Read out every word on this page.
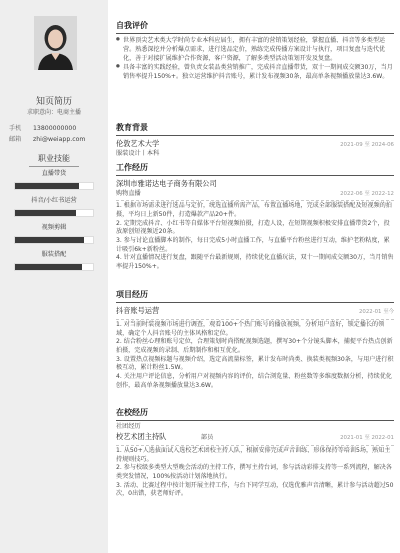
知页简历
求职意向：电商主播
手机 13800000000
邮箱 zhi@weiapp.com
职业技能
直播带货
抖音/小红书运营
视频剪辑
服装搭配
自我评价
● 世界顶尖艺术类大学时尚专业本科应届生，拥有丰富的营销策划经验，掌握直播、抖音等多类型运营。熟悉深挖并分析爆点需求，进行选品定价，熟练完成传播方案设计与执行，项目复盘与迭代优化，善于对接扩展维护合作资源，客户资源，了解多类型活动策划开发及复盘。
● 具备丰富的实践经验，曾负责女装品类营销推广，完成抖音直播带货，双十一期间成交额30万，当月销售率提升150%+。独立运营维护抖音账号，累计发布视频30条，最高单条视频播放量达3.6W。
教育背景
伦敦艺术大学	2021-09 至 2024-06
服装设计丨本科
工作经历
深圳市雅诺达电子商务有限公司
购物直播	2022-06 至 2022-12
1. 根据市场需求进行选品与定价，统选直播所需产品，布置直播场地，完成全部服装搭配及短视频的拍摄，平均日上新50件，打造爆款产品20+件。
2. 定期完成抖音、小红书等自媒体平台短视频拍摄，打造人设，在短期视频积极安排直播带货2个，投放原创短视频近20条。
3. 参与讨论直播脚本的制作，每日完成5小时直播工作，与直播平台粉丝进行互动，维护老粉粘度，累计吸引6k+新粉丝。
4. 针对直播情况进行复盘，跟随平台最新规则，持续优化直播玩法，双十一期间成交额30万，当月销售率提升150%+。
项目经历
抖音账号运营	2022-01 至今
1. 对当前时装视频市场进行调查，观看100+个热门账号的播放视频，分析用户喜好，锁定播长的领域，确定个人抖音账号的主体风格和定位。
2. 结合粉丝心理和账号定位，合理策划时尚搭配视频选题，撰写30+个分镜头脚本，捕捉平台热点创新拍摄，完成视频的录制、后期制作和相互优化。
3. 设置热点视频标题与视频介绍，选定高流量标签，累计发布时尚类、换装类视频30条，与用户进行积极互动，累计粉丝1.5W。
4. 关注用户评论信息，分析用户对视频内容的评价，结合浏览量、粉丝数等多维度数据分析，持续优化创作，最高单条视频播放量达3.6W。
在校经历
社团经历
校艺术团主持队	部员	2021-01 至 2022-01
1. 从50+人选拔面试入选校艺术团校主持人队，根据安排完成声音训练、形体保持等培训5场，熟知主持规则技巧。
2. 参与校级多类型大型晚会活动的主持工作，撰写主持台词，参与活动彩排支持等一系列流程，解决各类突发情况，100%按活动计划落地执行。
3. 活动、比赛过程中按计划开展主持工作，与台下同学互动，仅选优雅声音清晰，累计参与活动超过50次，0出错，获老师好评。
